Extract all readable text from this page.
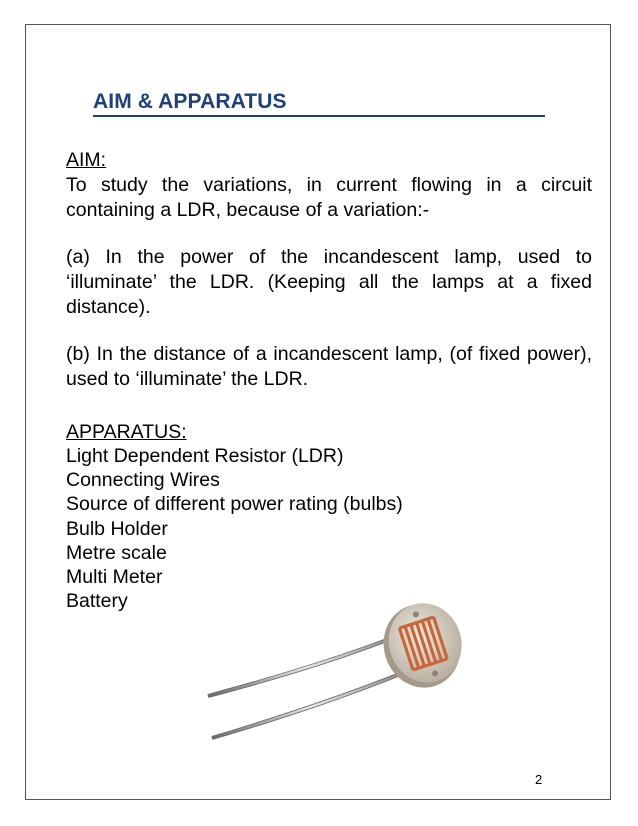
AIM & APPARATUS
AIM:
To study the variations, in current flowing in a circuit containing a LDR, because of a variation:-
(a) In the power of the incandescent lamp, used to ‘illuminate’ the LDR. (Keeping all the lamps at a fixed distance).
(b) In the distance of a incandescent lamp, (of fixed power), used to ‘illuminate’ the LDR.
APPARATUS:
Light Dependent Resistor (LDR)
Connecting Wires
Source of different power rating (bulbs)
Bulb Holder
Metre scale
Multi Meter
Battery
2
